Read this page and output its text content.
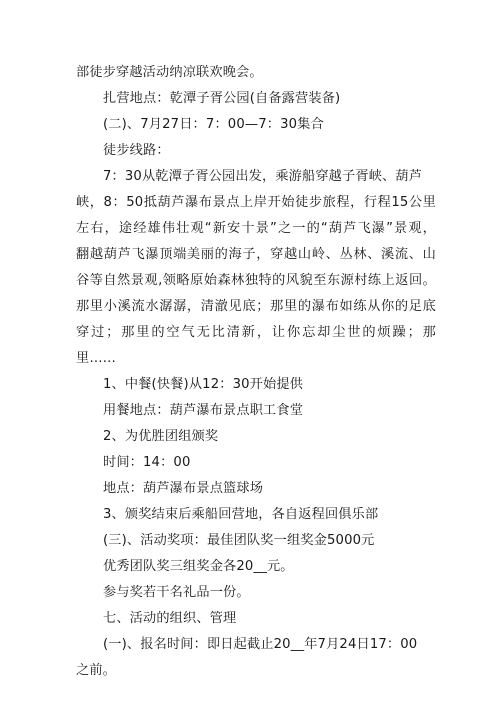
部徒步穿越活动纳凉联欢晚会。
扎营地点：乾潭子胥公园(自备露营装备)
(二)、7月27日：7：00—7：30集合
徒步线路：
7：30从乾潭子胥公园出发，乘游船穿越子胥峡、葫芦
峡，8：50抵葫芦瀑布景点上岸开始徒步旅程，行程15公里
左右，途经雄伟壮观“新安十景”之一的“葫芦飞瀑”景观，
翻越葫芦飞瀑顶端美丽的海子，穿越山岭、丛林、溪流、山
谷等自然景观,领略原始森林独特的风貌至东源村练上返回。
那里小溪流水潺潺，清澈见底；那里的瀑布如练从你的足底
穿过；那里的空气无比清新，让你忘却尘世的烦躁；那
里……
1、中餐(快餐)从12：30开始提供
用餐地点：葫芦瀑布景点职工食堂
2、为优胜团组颁奖
时间：14：00
地点：葫芦瀑布景点篮球场
3、颁奖结束后乘船回营地，各自返程回俱乐部
(三)、活动奖项：最佳团队奖一组奖金5000元
优秀团队奖三组奖金各20__元。
参与奖若干名礼品一份。
七、活动的组织、管理
(一)、报名时间：即日起截止20__年7月24日17：00
之前。
